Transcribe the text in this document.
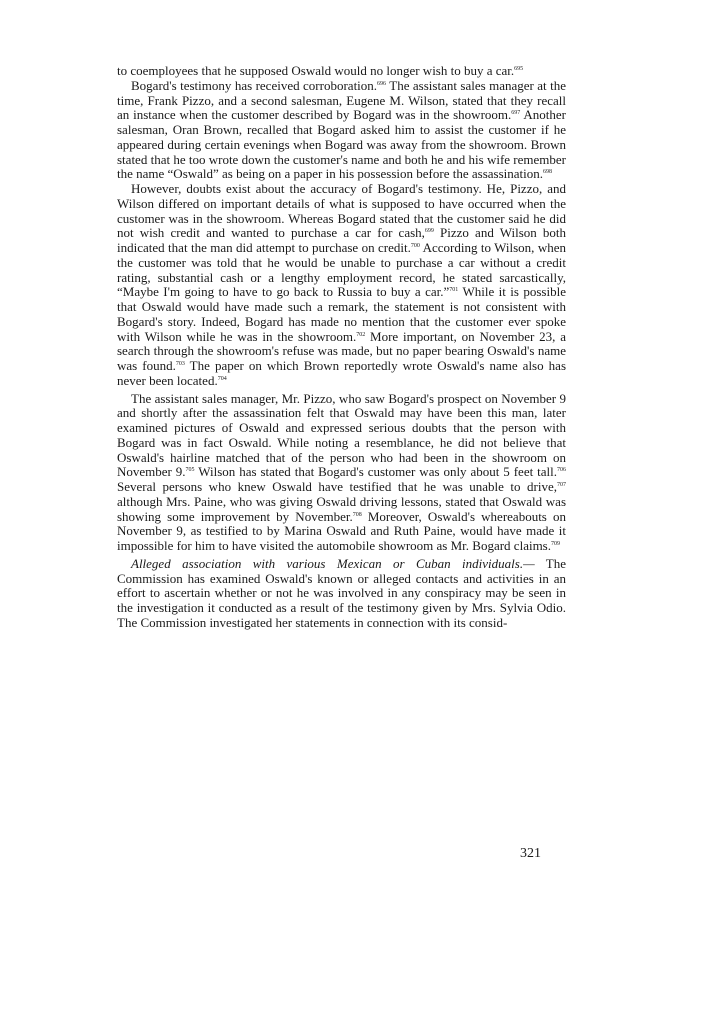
to coemployees that he supposed Oswald would no longer wish to buy a car.$^{695}$

Bogard's testimony has received corroboration.$^{696}$ The assistant sales manager at the time, Frank Pizzo, and a second salesman, Eugene M. Wilson, stated that they recall an instance when the customer described by Bogard was in the showroom.$^{697}$ Another salesman, Oran Brown, recalled that Bogard asked him to assist the customer if he appeared during certain evenings when Bogard was away from the showroom. Brown stated that he too wrote down the customer's name and both he and his wife remember the name “Oswald” as being on a paper in his possession before the assassination.$^{698}$

However, doubts exist about the accuracy of Bogard's testimony. He, Pizzo, and Wilson differed on important details of what is supposed to have occurred when the customer was in the showroom. Whereas Bogard stated that the customer said he did not wish credit and wanted to purchase a car for cash,$^{699}$ Pizzo and Wilson both indicated that the man did attempt to purchase on credit.$^{700}$ According to Wilson, when the customer was told that he would be unable to purchase a car without a credit rating, substantial cash or a lengthy employment record, he stated sarcastically, “Maybe I'm going to have to go back to Russia to buy a car.”$^{701}$ While it is possible that Oswald would have made such a remark, the statement is not consistent with Bogard's story. Indeed, Bogard has made no mention that the customer ever spoke with Wilson while he was in the showroom.$^{702}$ More important, on November 23, a search through the showroom's refuse was made, but no paper bearing Oswald's name was found.$^{703}$ The paper on which Brown reportedly wrote Oswald's name also has never been located.$^{704}$

The assistant sales manager, Mr. Pizzo, who saw Bogard's prospect on November 9 and shortly after the assassination felt that Oswald may have been this man, later examined pictures of Oswald and expressed serious doubts that the person with Bogard was in fact Oswald. While noting a resemblance, he did not believe that Oswald's hairline matched that of the person who had been in the showroom on November 9.$^{705}$ Wilson has stated that Bogard's customer was only about 5 feet tall.$^{706}$ Several persons who knew Oswald have testified that he was unable to drive,$^{707}$ although Mrs. Paine, who was giving Oswald driving lessons, stated that Oswald was showing some improvement by November.$^{708}$ Moreover, Oswald's whereabouts on November 9, as testified to by Marina Oswald and Ruth Paine, would have made it impossible for him to have visited the automobile showroom as Mr. Bogard claims.$^{709}$

Alleged association with various Mexican or Cuban individuals.— The Commission has examined Oswald's known or alleged contacts and activities in an effort to ascertain whether or not he was involved in any conspiracy may be seen in the investigation it conducted as a result of the testimony given by Mrs. Sylvia Odio. The Commission investigated her statements in connection with its consid-

321
